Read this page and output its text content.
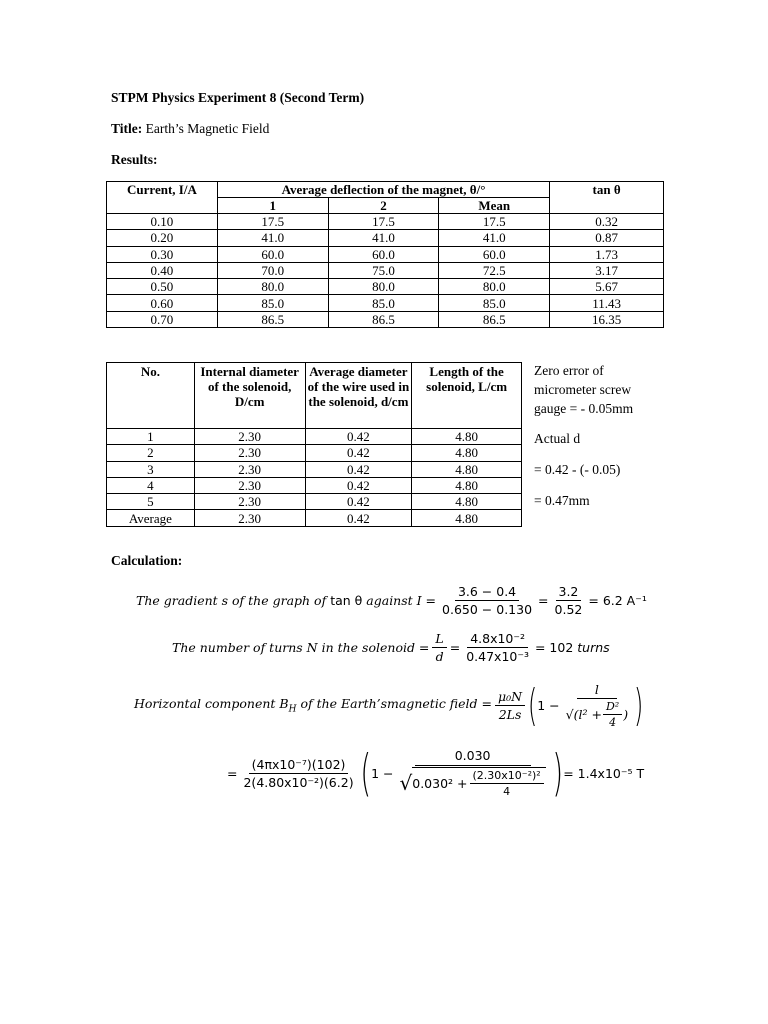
STPM Physics Experiment 8 (Second Term)
Title: Earth’s Magnetic Field
Results:
Current, I/A	Average deflection of the magnet, θ/°			tan θ
	1	2	Mean	
0.10	17.5	17.5	17.5	0.32
0.20	41.0	41.0	41.0	0.87
0.30	60.0	60.0	60.0	1.73
0.40	70.0	75.0	72.5	3.17
0.50	80.0	80.0	80.0	5.67
0.60	85.0	85.0	85.0	11.43
0.70	86.5	86.5	86.5	16.35
No.	Internal diameter of the solenoid, D/cm	Average diameter of the wire used in the solenoid, d/cm	Length of the solenoid, L/cm
1	2.30	0.42	4.80
2	2.30	0.42	4.80
3	2.30	0.42	4.80
4	2.30	0.42	4.80
5	2.30	0.42	4.80
Average	2.30	0.42	4.80
Zero error of micrometer screw gauge = - 0.05mm
Actual d
= 0.42 - (- 0.05)
= 0.47mm
Calculation:
The gradient s of the graph of
tan θ
against $I = \frac{3.6 - 0.4}{0.650 - 0.130} = \frac{3.2}{0.52} = 6.2$ A⁻¹
The number of turns N in the solenoid = $\frac{L}{d} = \frac{\text{4.8x10⁻²}}{\text{0.47x10⁻³}} = 102$ turns
Horizontal component $B_H$ of the Earth’smagnetic field = $\frac{\text{μ₀N}}{2Ls}$ ( $1 - \frac{l}{√(l^2 + \frac{\text{D²}}{4} )}$ )
= $\frac{\text{(4πx10⁻⁷)(102)}}{\text{2(4.80x10⁻²)(6.2)}}$ ( 1 −
0.030
√ $0.030^2 + \frac{\text{(2.30x10⁻²)²}}{4}$ ) = 1.4x10⁻⁵ T
